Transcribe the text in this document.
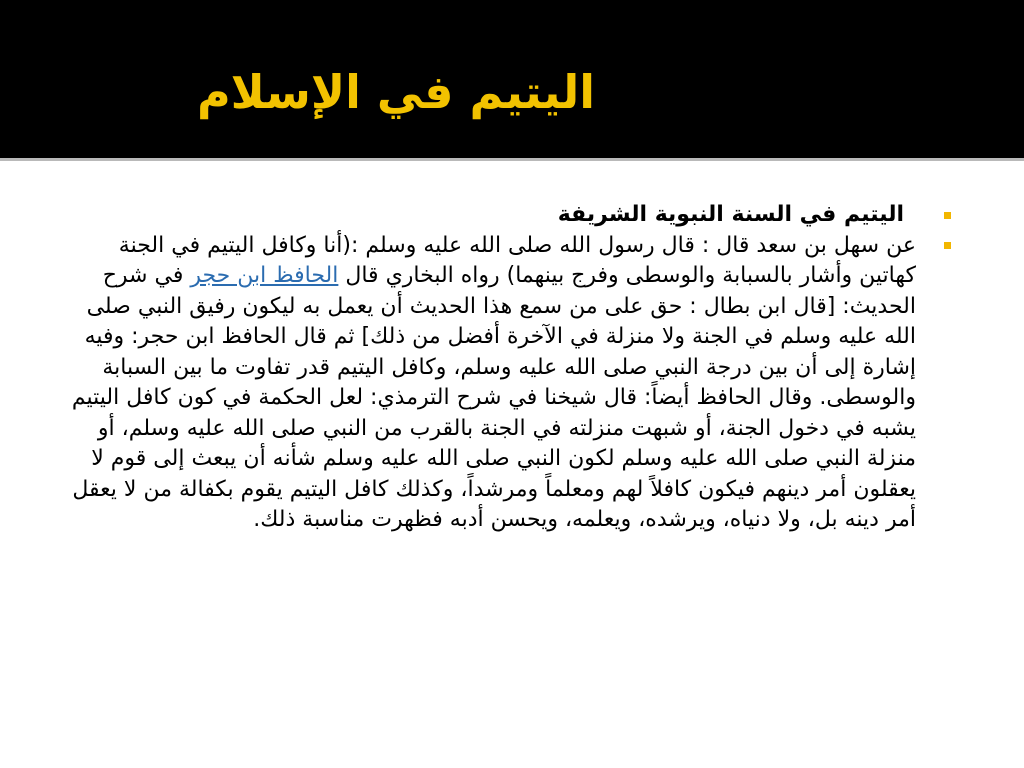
اليتيم في الإسلام

اليتيم في السنة النبوية الشريفة

عن سهل بن سعد قال : قال رسول الله صلى الله عليه وسلم :(أنا وكافل اليتيم في الجنة كهاتين وأشار بالسبابة والوسطى وفرج بينهما) رواه البخاري قال الحافظ ابن حجر في شرح الحديث: [قال ابن بطال : حق على من سمع هذا الحديث أن يعمل به ليكون رفيق النبي صلى الله عليه وسلم في الجنة ولا منزلة في الآخرة أفضل من ذلك] ثم قال الحافظ ابن حجر: وفيه إشارة إلى أن بين درجة النبي صلى الله عليه وسلم، وكافل اليتيم قدر تفاوت ما بين السبابة والوسطى. وقال الحافظ أيضاً: قال شيخنا في شرح الترمذي: لعل الحكمة في كون كافل اليتيم يشبه في دخول الجنة، أو شبهت منزلته في الجنة بالقرب من النبي صلى الله عليه وسلم، أو منزلة النبي صلى الله عليه وسلم لكون النبي صلى الله عليه وسلم شأنه أن يبعث إلى قوم لا يعقلون أمر دينهم فيكون كافلاً لهم ومعلماً ومرشداً، وكذلك كافل اليتيم يقوم بكفالة من لا يعقل أمر دينه بل، ولا دنياه، ويرشده، ويعلمه، ويحسن أدبه فظهرت مناسبة ذلك.
